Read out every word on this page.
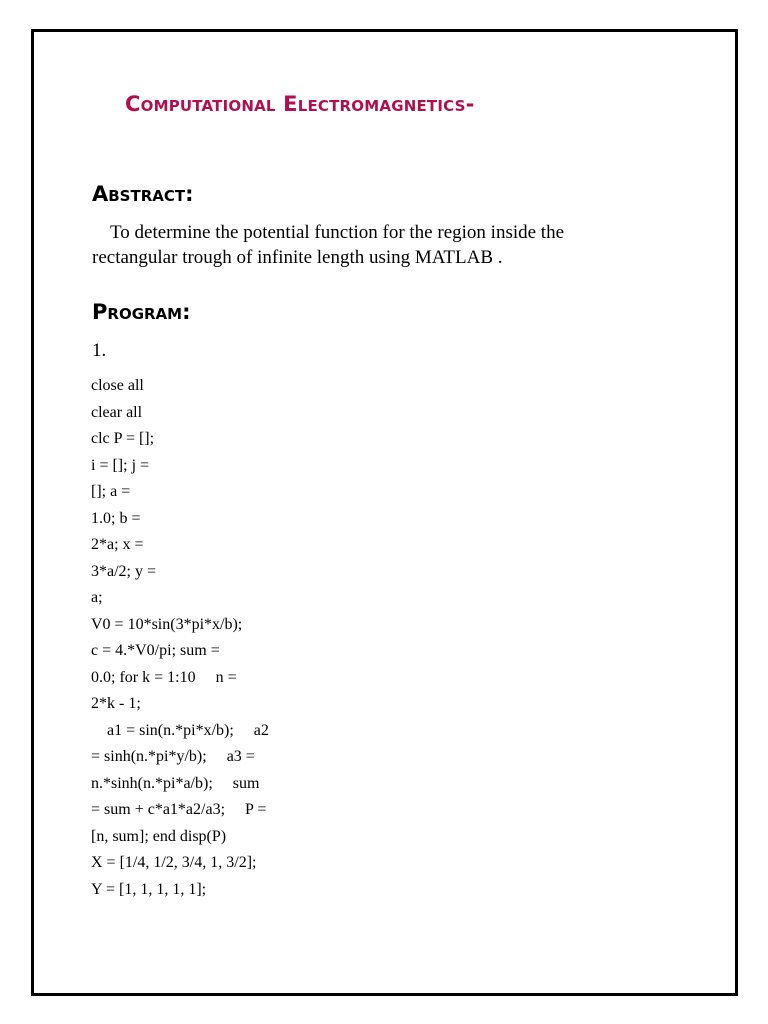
Computational Electromagnetics-
Abstract:
To determine the potential function for the region inside the
rectangular trough of infinite length using MATLAB .
Program:
1.
close all
clear all
clc P = [];
i = []; j =
[]; a =
1.0; b =
2*a; x =
3*a/2; y =
a;
V0 = 10*sin(3*pi*x/b);
c = 4.*V0/pi; sum =
0.0; for k = 1:10     n =
2*k - 1;
a1 = sin(n.*pi*x/b);     a2
= sinh(n.*pi*y/b);     a3 =
n.*sinh(n.*pi*a/b);     sum
= sum + c*a1*a2/a3;     P =
[n, sum]; end disp(P)
X = [1/4, 1/2, 3/4, 1, 3/2];
Y = [1, 1, 1, 1, 1];
